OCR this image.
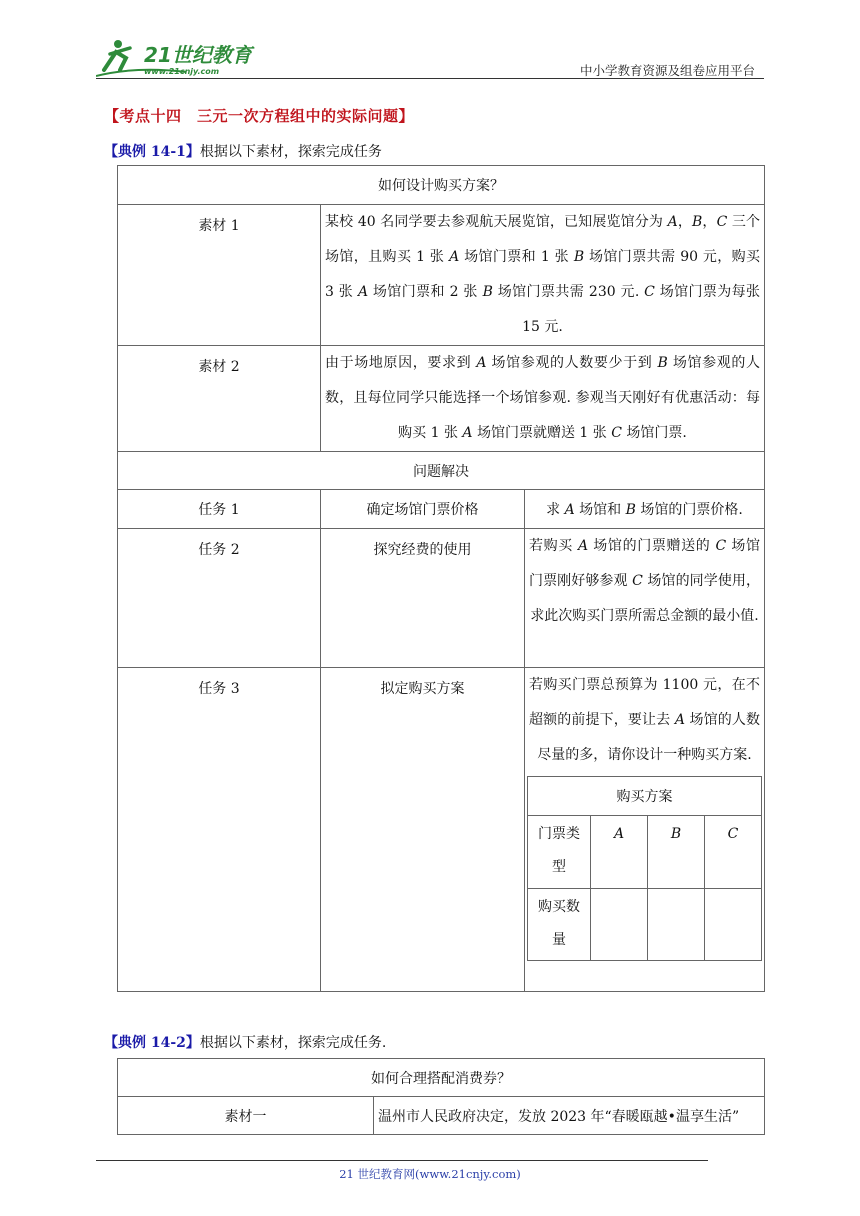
21世纪教育
www.21cnjy.com	中小学教育资源及组卷应用平台
【考点十四　三元一次方程组中的实际问题】
【典例 14-1】根据以下素材，探索完成任务
如何设计购买方案？
素材 1	某校 40 名同学要去参观航天展览馆，已知展览馆分为 A，B，C 三个场馆，且购买 1 张 A 场馆门票和 1 张 B 场馆门票共需 90 元，购买 3 张 A 场馆门票和 2 张 B 场馆门票共需 230 元. C 场馆门票为每张 15 元.

素材 2	由于场地原因，要求到 A 场馆参观的人数要少于到 B 场馆参观的人数，且每位同学只能选择一个场馆参观. 参观当天刚好有优惠活动：每购买 1 张 A 场馆门票就赠送 1 张 C 场馆门票.

问题解决
任务 1	确定场馆门票价格	求 A 场馆和 B 场馆的门票价格.
任务 2	探究经费的使用	若购买 A 场馆的门票赠送的 C 场馆门票刚好够参观 C 场馆的同学使用，求此次购买门票所需总金额的最小值.

任务 3	拟定购买方案	若购买门票总预算为 1100 元，在不超额的前提下，要让去 A 场馆的人数尽量的多，请你设计一种购买方案.
购买方案
门票类型	A	B	C
购买数量			
【典例 14-2】根据以下素材，探索完成任务.
如何合理搭配消费券？
素材一	温州市人民政府决定，发放 2023 年“春暖瓯越•温享生活”
21 世纪教育网(www.21cnjy.com)
